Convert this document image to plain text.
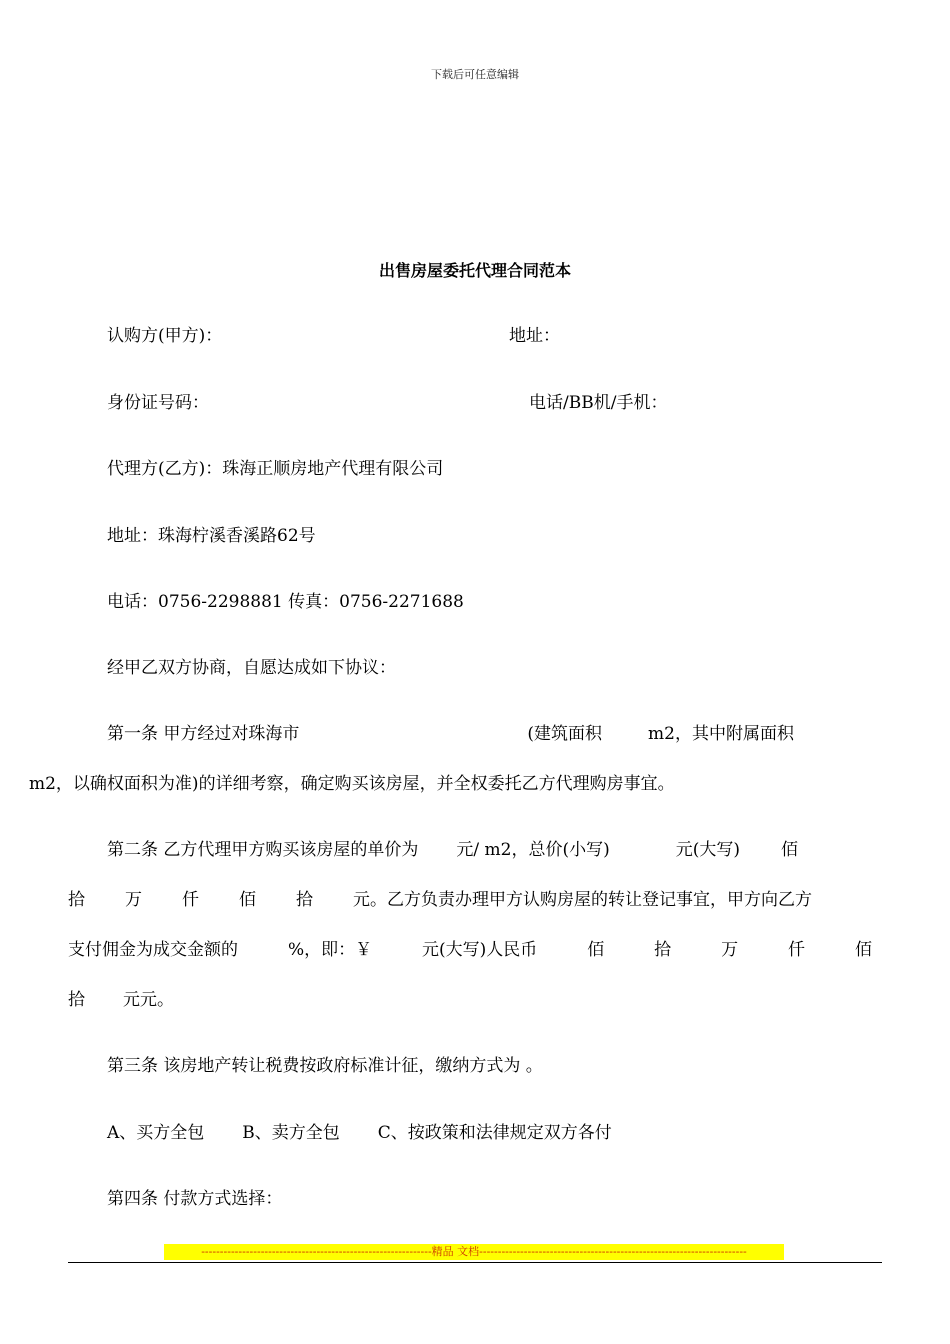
下载后可任意编辑
出售房屋委托代理合同范本
认购方(甲方)：	地址：
身份证号码：	电话/BB机/手机：
代理方(乙方)：珠海正顺房地产代理有限公司
地址：珠海柠溪香溪路62号
电话：0756-2298881 传真：0756-2271688
经甲乙双方协商，自愿达成如下协议：
第一条 甲方经过对珠海市	(建筑面积	m2，其中附属面积
m2，以确权面积为准)的详细考察，确定购买该房屋，并全权委托乙方代理购房事宜。
第二条 乙方代理甲方购买该房屋的单价为 元/ m2，总价(小写)	元(大写) 佰
拾 万 仟 佰 拾 元。乙方负责办理甲方认购房屋的转让登记事宜，甲方向乙方
支付佣金为成交金额的	%，即：￥	元(大写)人民币	佰	拾	万	仟	佰
拾 元元。
第三条 该房地产转让税费按政府标准计征，缴纳方式为 。
A、买方全包 B、卖方全包 C、按政策和法律规定双方各付
第四条 付款方式选择：
--------------------------------------------------------------精品 文档------------------------------------------------------------------------
